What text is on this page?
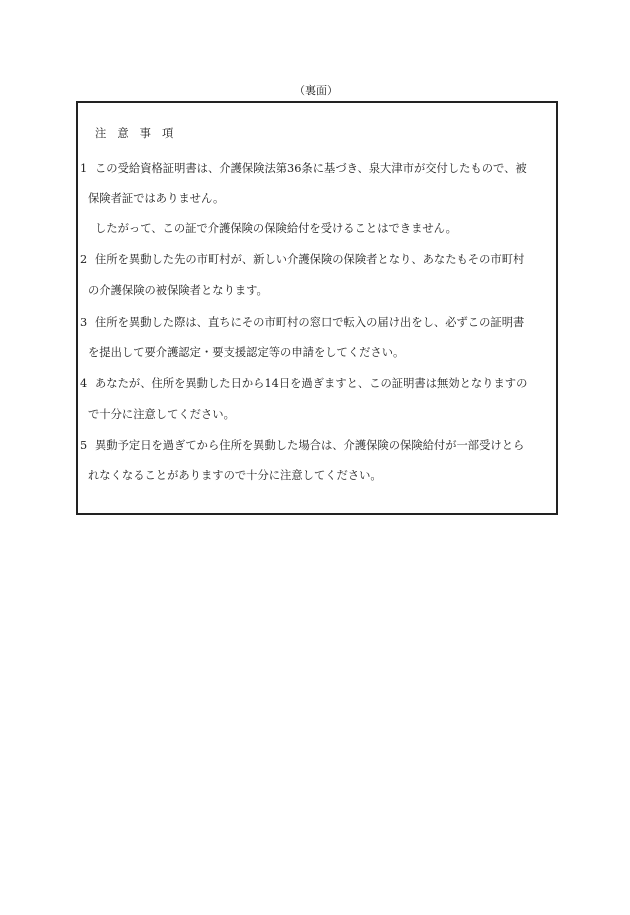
（裏面）
注 意 事 項
1 この受給資格証明書は、介護保険法第36条に基づき、泉大津市が交付したもので、被
保険者証ではありません。
したがって、この証で介護保険の保険給付を受けることはできません。
2 住所を異動した先の市町村が、新しい介護保険の保険者となり、あなたもその市町村
の介護保険の被保険者となります。
3 住所を異動した際は、直ちにその市町村の窓口で転入の届け出をし、必ずこの証明書
を提出して要介護認定・要支援認定等の申請をしてください。
4 あなたが、住所を異動した日から14日を過ぎますと、この証明書は無効となりますの
で十分に注意してください。
5 異動予定日を過ぎてから住所を異動した場合は、介護保険の保険給付が一部受けとら
れなくなることがありますので十分に注意してください。
